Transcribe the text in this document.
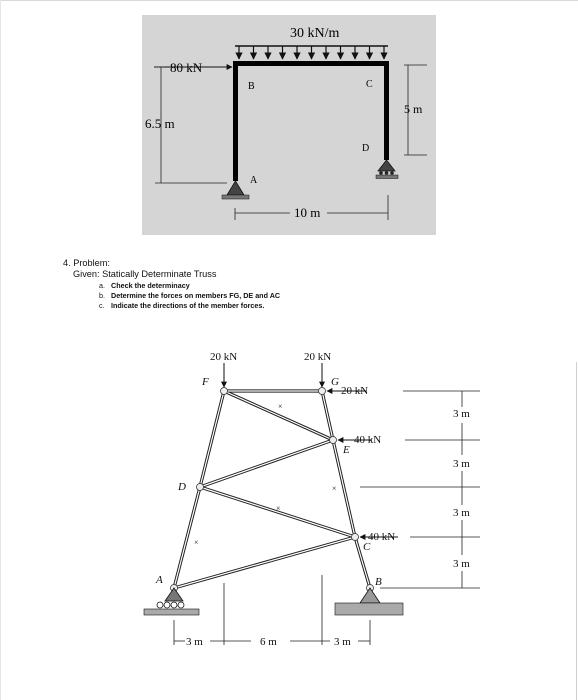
30 kN/m
80 kN
6.5 m
5 m
10 m
B	C
D
A
4. Problem:
Given: Statically Determinate Truss
a. Check the determinacy
b. Determine the forces on members FG, DE and AC
c. Indicate the directions of the member forces.
×
×
×
×
20 kN	20 kN
20 kN
40 kN
40 kN
F	G
E
D
C
A	B
3 m
3 m
3 m
3 m
3 m	6 m	3 m
